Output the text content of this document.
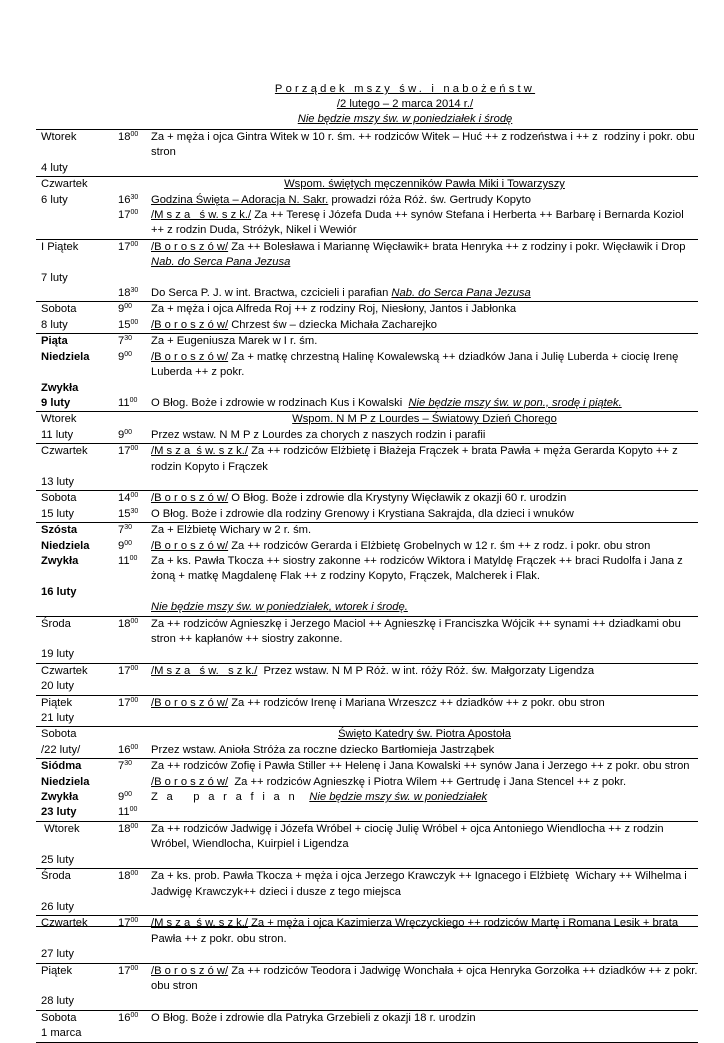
Porządek mszy św. i nabożeństw
/2 lutego – 2 marca 2014 r./
Nie będzie mszy św. w poniedziałek i środę
Wtorek	$18^{00}$	Za + męża i ojca Gintra Witek w 10 r. śm. ++ rodziców Witek – Huć ++ z rodzeństwa i ++ z  rodziny i pokr. obu stron
4 luty		
Czwartek		Wspom. świętych męczenników Pawła Miki i Towarzyszy

6 luty	$16^{30}$	Godzina Święta – Adoracja N. Sakr. prowadzi róża Róż. św. Gertrudy Kopyto
	$17^{00}$	/M s z a   ś w. s z k./ Za ++ Teresę i Józefa Duda ++ synów Stefana i Herberta ++ Barbarę i Bernarda Koziol ++ z rodzin Duda, Stróżyk, Nikel i Wewiór
I Piątek	$17^{00}$	/B o r o s z ó w/ Za ++ Bolesława i Mariannę Więcławik+ brata Henryka ++ z rodziny i pokr. Więcławik i Drop Nab. do Serca Pana Jezusa
7 luty		
	$18^{30}$	Do Serca P. J. w int. Bractwa, czcicieli i parafian Nab. do Serca Pana Jezusa
Sobota	$9^{00}$	Za + męża i ojca Alfreda Roj ++ z rodziny Roj, Niesłony, Jantos i Jabłonka
8 luty	$15^{00}$	/B o r o s z ó w/ Chrzest św – dziecka Michała Zacharejko
Piąta	$7^{30}$	Za + Eugeniusza Marek w I r. śm.
Niedziela	$9^{00}$	/B o r o s z ó w/ Za + matkę chrzestną Halinę Kowalewską ++ dziadków Jana i Julię Luberda + ciocię Irenę Luberda ++ z pokr.
Zwykła		
9 luty	$11^{00}$	O Błog. Boże i zdrowie w rodzinach Kus i Kowalski  Nie będzie mszy św. w pon., srodę i piątek.
Wtorek		Wspom. N M P z Lourdes – Światowy Dzień Chorego

11 luty	$9^{00}$	Przez wstaw. N M P z Lourdes za chorych z naszych rodzin i parafii
Czwartek	$17^{00}$	/M s z a  ś w. s z k./ Za ++ rodziców Elżbietę i Błażeja Frączek + brata Pawła + męża Gerarda Kopyto ++ z rodzin Kopyto i Frączek
13 luty		
Sobota	$14^{00}$	/B o r o s z ó w/ O Błog. Boże i zdrowie dla Krystyny Więcławik z okazji 60 r. urodzin
15 luty	$15^{30}$	O Błog. Boże i zdrowie dla rodziny Grenowy i Krystiana Sakrajda, dla dzieci i wnuków
Szósta	$7^{30}$	Za + Elżbietę Wichary w 2 r. śm.
Niedziela	$9^{00}$	/B o r o s z ó w/ Za ++ rodziców Gerarda i Elżbietę Grobelnych w 12 r. śm ++ z rodz. i pokr. obu stron
Zwykła	$11^{00}$	Za + ks. Pawła Tkocza ++ siostry zakonne ++ rodziców Wiktora i Matyldę Frączek ++ braci Rudolfa i Jana z żoną + matkę Magdalenę Flak ++ z rodziny Kopyto, Frączek, Malcherek i Flak.
16 luty		
		Nie będzie mszy św. w poniedziałek, wtorek i środę.
Środa	$18^{00}$	Za ++ rodziców Agnieszkę i Jerzego Maciol ++ Agnieszkę i Franciszka Wójcik ++ synami ++ dziadkami obu stron ++ kapłanów ++ siostry zakonne.
19 luty		
Czwartek	$17^{00}$	/M s z a   ś w.   s z k./  Przez wstaw. N M P Róż. w int. róży Róż. św. Małgorzaty Ligendza
20 luty		
Piątek	$17^{00}$	/B o r o s z ó w/ Za ++ rodziców Irenę i Mariana Wrzeszcz ++ dziadków ++ z pokr. obu stron
21 luty		
Sobota		Święto Katedry św. Piotra Apostoła

/22 luty/	$16^{00}$	Przez wstaw. Anioła Stróża za roczne dziecko Bartłomieja Jastrząbek
Siódma	$7^{30}$	Za ++ rodziców Zofię i Pawła Stiller ++ Helenę i Jana Kowalski ++ synów Jana i Jerzego ++ z pokr. obu stron
Niedziela		/B o r o s z ó w/  Za ++ rodziców Agnieszkę i Piotra Wilem ++ Gertrudę i Jana Stencel ++ z pokr.
Zwykła	$9^{00}$	Z a   p a r a f i a n  Nie będzie mszy św. w poniedziałek
23 luty	$11^{00}$	
Wtorek	$18^{00}$	Za ++ rodziców Jadwigę i Józefa Wróbel + ciocię Julię Wróbel + ojca Antoniego Wiendlocha ++ z rodzin Wróbel, Wiendlocha, Kuirpiel i Ligendza
25 luty		
Środa	$18^{00}$	Za + ks. prob. Pawła Tkocza + męża i ojca Jerzego Krawczyk ++ Ignacego i Elżbietę  Wichary ++ Wilhelma i Jadwigę Krawczyk++ dzieci i dusze z tego miejsca
26 luty		
Czwartek	$17^{00}$	/M s z a  ś w. s z k./ Za + męża i ojca Kazimierza Wręczyckiego ++ rodziców Martę i Romana Lesik + brata Pawła ++ z pokr. obu stron.
27 luty		
Piątek	$17^{00}$	/B o r o s z ó w/ Za ++ rodziców Teodora i Jadwigę Wonchała + ojca Henryka Gorzołka ++ dziadków ++ z pokr. obu stron
28 luty		
Sobota	$16^{00}$	O Błog. Boże i zdrowie dla Patryka Grzebieli z okazji 18 r. urodzin
1 marca		
